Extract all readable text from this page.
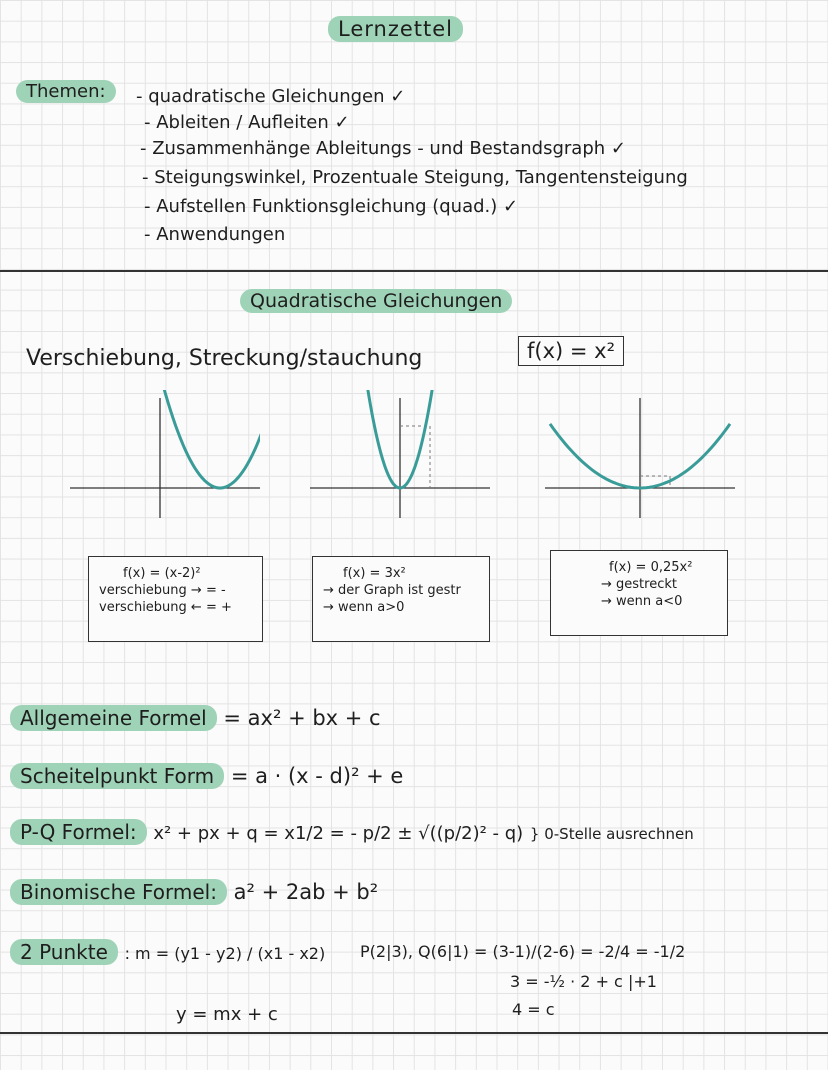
Lernzettel
Themen:	- quadratische Gleichungen ✓
- Ableiten / Aufleiten ✓
- Zusammenhänge Ableitungs - und Bestandsgraph ✓
- Steigungswinkel, Prozentuale Steigung, Tangentensteigung
- Aufstellen Funktionsgleichung (quad.) ✓
- Anwendungen
Quadratische Gleichungen
Verschiebung, Streckung/stauchung	f(x) = x²
f(x) = (x-2)²
verschiebung → = -
verschiebung ← = +
f(x) = 3x²
→ der Graph ist gestr
→ wenn a>0
f(x) = 0,25x²
→ gestreckt
→ wenn a<0
Allgemeine Formel = ax² + bx + c
Scheitelpunkt Form = a · (x - d)² + e
P-Q Formel: x² + px + q = x1/2 = - p/2 ± √((p/2)² - q) } 0-Stelle ausrechnen
Binomische Formel: a² + 2ab + b²
2 Punkte : m = (y1 - y2) / (x1 - x2) P(2|3), Q(6|1) = (3-1)/(2-6) = -2/4 = -1/2
3 = -½ · 2 + c |+1
4 = c
y = mx + c
